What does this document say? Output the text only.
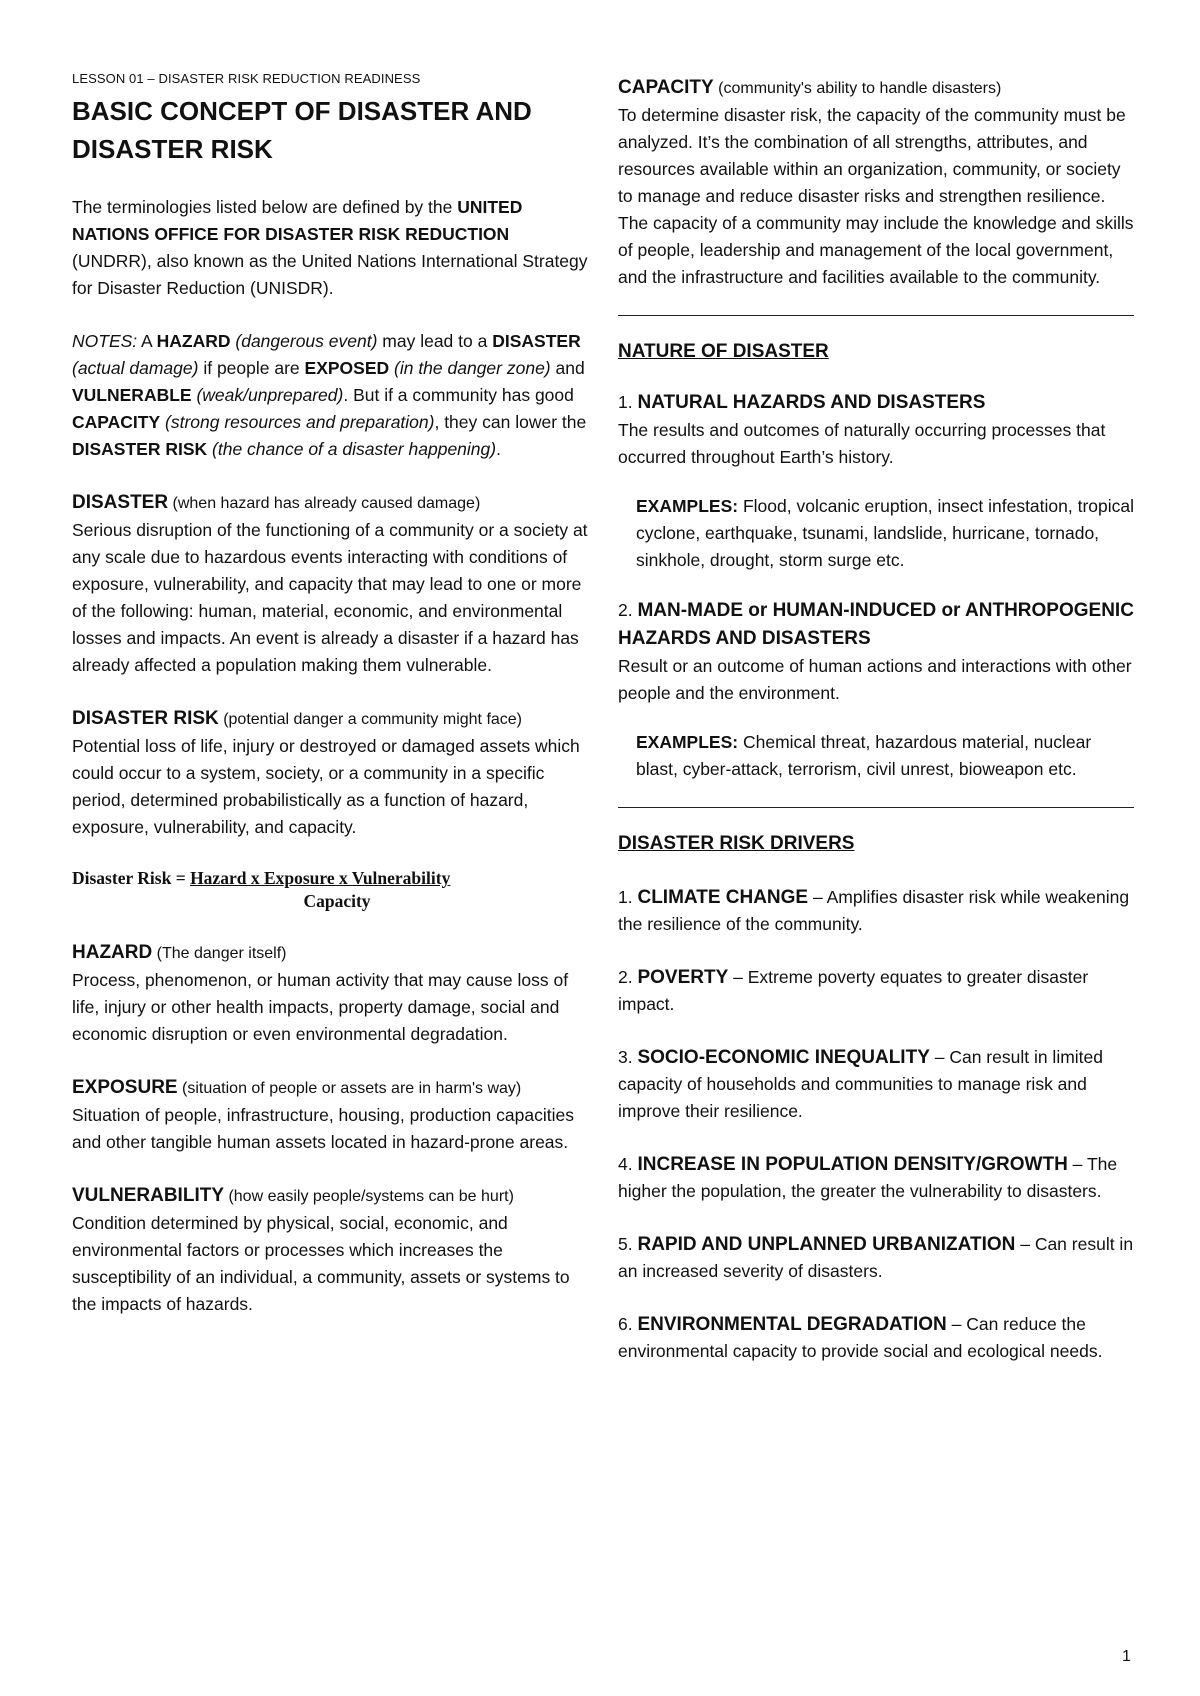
LESSON 01 – DISASTER RISK REDUCTION READINESS

BASIC CONCEPT OF DISASTER AND DISASTER RISK

The terminologies listed below are defined by the UNITED NATIONS OFFICE FOR DISASTER RISK REDUCTION (UNDRR), also known as the United Nations International Strategy for Disaster Reduction (UNISDR).

NOTES: A HAZARD (dangerous event) may lead to a DISASTER (actual damage) if people are EXPOSED (in the danger zone) and VULNERABLE (weak/unprepared). But if a community has good CAPACITY (strong resources and preparation), they can lower the DISASTER RISK (the chance of a disaster happening).

DISASTER (when hazard has already caused damage)

Serious disruption of the functioning of a community or a society at any scale due to hazardous events interacting with conditions of exposure, vulnerability, and capacity that may lead to one or more of the following: human, material, economic, and environmental losses and impacts. An event is already a disaster if a hazard has already affected a population making them vulnerable.

DISASTER RISK (potential danger a community might face)

Potential loss of life, injury or destroyed or damaged assets which could occur to a system, society, or a community in a specific period, determined probabilistically as a function of hazard, exposure, vulnerability, and capacity.

Disaster Risk = Hazard x Exposure x Vulnerability
Capacity

HAZARD (The danger itself)

Process, phenomenon, or human activity that may cause loss of life, injury or other health impacts, property damage, social and economic disruption or even environmental degradation.

EXPOSURE (situation of people or assets are in harm's way)

Situation of people, infrastructure, housing, production capacities and other tangible human assets located in hazard-prone areas.

VULNERABILITY (how easily people/systems can be hurt)

Condition determined by physical, social, economic, and environmental factors or processes which increases the susceptibility of an individual, a community, assets or systems to the impacts of hazards.

CAPACITY (community's ability to handle disasters)

To determine disaster risk, the capacity of the community must be analyzed. It’s the combination of all strengths, attributes, and resources available within an organization, community, or society to manage and reduce disaster risks and strengthen resilience. The capacity of a community may include the knowledge and skills of people, leadership and management of the local government, and the infrastructure and facilities available to the community.

NATURE OF DISASTER

1. NATURAL HAZARDS AND DISASTERS

The results and outcomes of naturally occurring processes that occurred throughout Earth’s history.

EXAMPLES: Flood, volcanic eruption, insect infestation, tropical cyclone, earthquake, tsunami, landslide, hurricane, tornado, sinkhole, drought, storm surge etc.

2. MAN-MADE or HUMAN-INDUCED or ANTHROPOGENIC HAZARDS AND DISASTERS

Result or an outcome of human actions and interactions with other people and the environment.

EXAMPLES: Chemical threat, hazardous material, nuclear blast, cyber-attack, terrorism, civil unrest, bioweapon etc.

DISASTER RISK DRIVERS

1. CLIMATE CHANGE – Amplifies disaster risk while weakening the resilience of the community.

2. POVERTY – Extreme poverty equates to greater disaster impact.

3. SOCIO-ECONOMIC INEQUALITY – Can result in limited capacity of households and communities to manage risk and improve their resilience.

4. INCREASE IN POPULATION DENSITY/GROWTH – The higher the population, the greater the vulnerability to disasters.

5. RAPID AND UNPLANNED URBANIZATION – Can result in an increased severity of disasters.

6. ENVIRONMENTAL DEGRADATION – Can reduce the environmental capacity to provide social and ecological needs.

1
